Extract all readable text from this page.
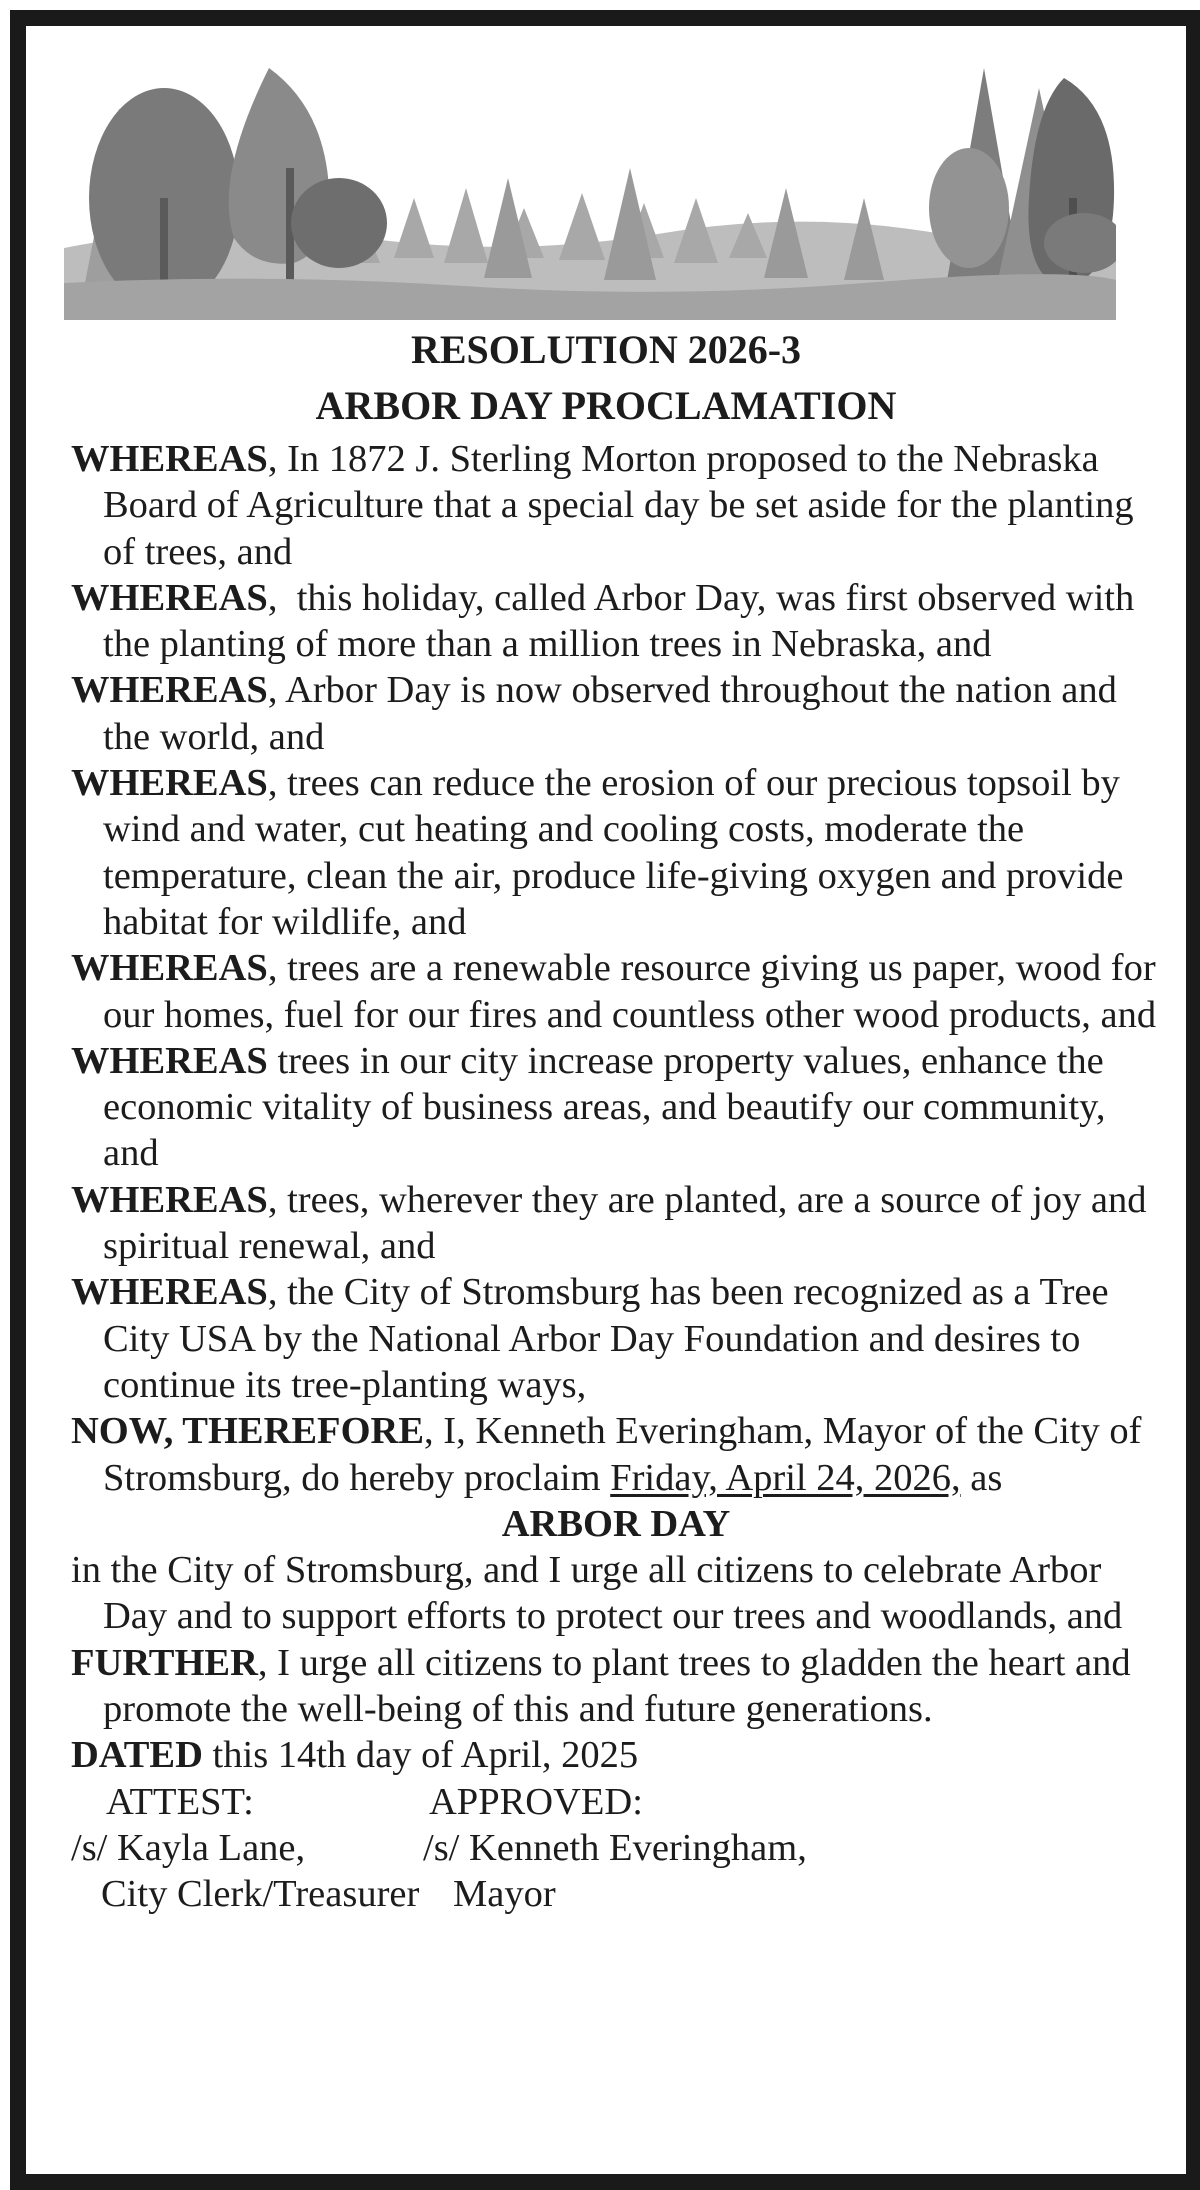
RESOLUTION 2026-3
ARBOR DAY PROCLAMATION

WHEREAS, In 1872 J. Sterling Morton proposed to the Nebraska Board of Agriculture that a special day be set aside for the planting of trees, and

WHEREAS,  this holiday, called Arbor Day, was first observed with the planting of more than a million trees in Nebraska, and

WHEREAS, Arbor Day is now observed throughout the nation and the world, and

WHEREAS, trees can reduce the erosion of our precious topsoil by wind and water, cut heating and cooling costs, moderate the temperature, clean the air, produce life-giving oxygen and provide habitat for wildlife, and

WHEREAS, trees are a renewable resource giving us paper, wood for our homes, fuel for our fires and countless other wood products, and

WHEREAS trees in our city increase property values, enhance the economic vitality of business areas, and beautify our community, and

WHEREAS, trees, wherever they are planted, are a source of joy and spiritual renewal, and

WHEREAS, the City of Stromsburg has been recognized as a Tree City USA by the National Arbor Day Foundation and desires to continue its tree-planting ways,

NOW, THEREFORE, I, Kenneth Everingham, Mayor of the City of Stromsburg, do hereby proclaim Friday, April 24, 2026, as

ARBOR DAY

in the City of Stromsburg, and I urge all citizens to celebrate Arbor Day and to support efforts to protect our trees and woodlands, and

FURTHER, I urge all citizens to plant trees to gladden the heart and promote the well-being of this and future generations.

DATED this 14th day of April, 2025

ATTEST:	APPROVED:
/s/ Kayla Lane,	/s/ Kenneth Everingham,
City Clerk/Treasurer Mayor
